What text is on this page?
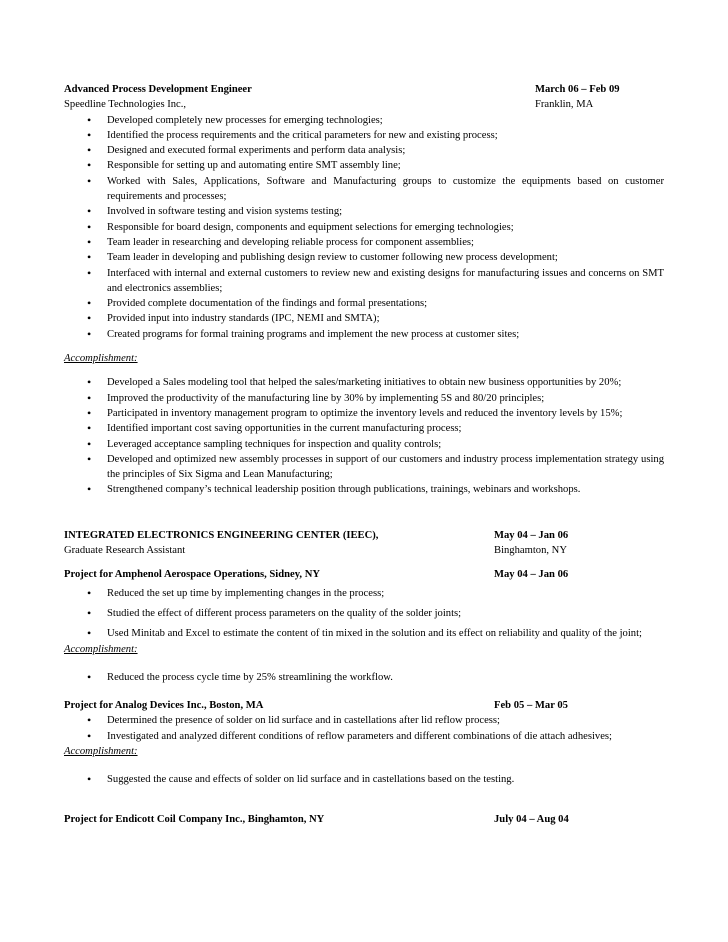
Advanced Process Development Engineer	March 06 – Feb 09
Speedline Technologies Inc.,	Franklin, MA
• Developed completely new processes for emerging technologies;
• Identified the process requirements and the critical parameters for new and existing process;
• Designed and executed formal experiments and perform data analysis;
• Responsible for setting up and automating entire SMT assembly line;
• Worked with Sales, Applications, Software and Manufacturing groups to customize the equipments based on customer requirements and processes;
• Involved in software testing and vision systems testing;
• Responsible for board design, components and equipment selections for emerging technologies;
• Team leader in researching and developing reliable process for component assemblies;
• Team leader in developing and publishing design review to customer following new process development;
• Interfaced with internal and external customers to review new and existing designs for manufacturing issues and concerns on SMT and electronics assemblies;
• Provided complete documentation of the findings and formal presentations;
• Provided input into industry standards (IPC, NEMI and SMTA);
• Created programs for formal training programs and implement the new process at customer sites;
Accomplishment:
• Developed a Sales modeling tool that helped the sales/marketing initiatives to obtain new business opportunities by 20%;
• Improved the productivity of the manufacturing line by 30% by implementing 5S and 80/20 principles;
• Participated in inventory management program to optimize the inventory levels and reduced the inventory levels by 15%;
• Identified important cost saving opportunities in the current manufacturing process;
• Leveraged acceptance sampling techniques for inspection and quality controls;
• Developed and optimized new assembly processes in support of our customers and industry process implementation strategy using the principles of Six Sigma and Lean Manufacturing;
• Strengthened company’s technical leadership position through publications, trainings, webinars and workshops.
INTEGRATED ELECTRONICS ENGINEERING CENTER (IEEC),	May 04 – Jan 06
Graduate Research Assistant	Binghamton, NY
Project for Amphenol Aerospace Operations, Sidney, NY	May 04 – Jan 06
• Reduced the set up time by implementing changes in the process;
• Studied the effect of different process parameters on the quality of the solder joints;
• Used Minitab and Excel to estimate the content of tin mixed in the solution and its effect on reliability and quality of the joint;
Accomplishment:
• Reduced the process cycle time by 25% streamlining the workflow.
Project for Analog Devices Inc., Boston, MA	Feb 05 – Mar 05
• Determined the presence of solder on lid surface and in castellations after lid reflow process;
• Investigated and analyzed different conditions of reflow parameters and different combinations of die attach adhesives;
Accomplishment:
• Suggested the cause and effects of solder on lid surface and in castellations based on the testing.
Project for Endicott Coil Company Inc., Binghamton, NY	July 04 – Aug 04
